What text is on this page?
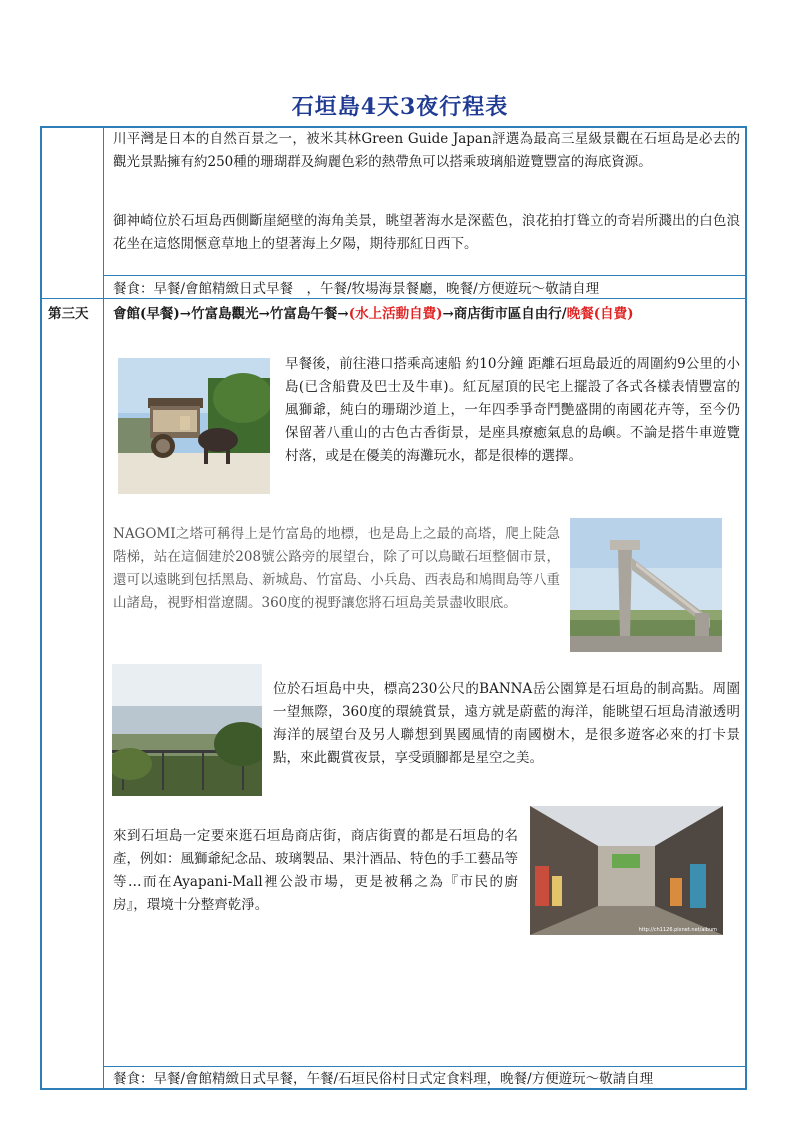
石垣島4天3夜行程表
川平灣是日本的自然百景之一，被米其林Green Guide Japan評選為最高三星級景觀在石垣島是必去的觀光景點擁有約250種的珊瑚群及絢麗色彩的熱帶魚可以搭乘玻璃船遊覽豐富的海底資源。
御神崎位於石垣島西側斷崖絕壁的海角美景，眺望著海水是深藍色，浪花拍打聳立的奇岩所濺出的白色浪花坐在這悠閒愜意草地上的望著海上夕陽，期待那紅日西下。
餐食：早餐/會館精緻日式早餐　，午餐/牧場海景餐廳，晚餐/方便遊玩～敬請自理
第三天	會館(早餐)→竹富島觀光→竹富島午餐→(水上活動自費)→商店街市區自由行/晚餐(自費)
早餐後，前往港口搭乘高速船 約10分鐘 距離石垣島最近的周圍約9公里的小島(已含船費及巴士及牛車)。紅瓦屋頂的民宅上擺設了各式各樣表情豐富的風獅爺，純白的珊瑚沙道上，一年四季爭奇鬥艷盛開的南國花卉等，至今仍保留著八重山的古色古香街景，是座具療癒氣息的島嶼。不論是搭牛車遊覽村落，或是在優美的海灘玩水，都是很棒的選擇。
NAGOMI之塔可稱得上是竹富島的地標，也是島上之最的高塔，爬上陡急階梯，站在這個建於208號公路旁的展望台，除了可以鳥瞰石垣整個市景，還可以遠眺到包括黑島、新城島、竹富島、小兵島、西表島和鳩間島等八重山諸島，視野相當遼闊。360度的視野讓您將石垣島美景盡收眼底。
位於石垣島中央，標高230公尺的BANNA岳公園算是石垣島的制高點。周圍一望無際，360度的環繞賞景，遠方就是蔚藍的海洋，能眺望石垣島清澈透明海洋的展望台及另人聯想到異國風情的南國樹木，是很多遊客必來的打卡景點，來此觀賞夜景，享受頭腳都是星空之美。
來到石垣島一定要來逛石垣島商店街，商店街賣的都是石垣島的名產，例如：風獅爺紀念品、玻璃製品、果汁酒品、特色的手工藝品等等…而在Ayapani-Mall裡公設市場，更是被稱之為『市民的廚房』，環境十分整齊乾淨。
http://ch1126.pixnet.net/album
餐食：早餐/會館精緻日式早餐，午餐/石垣民俗村日式定食料理，晚餐/方便遊玩～敬請自理
